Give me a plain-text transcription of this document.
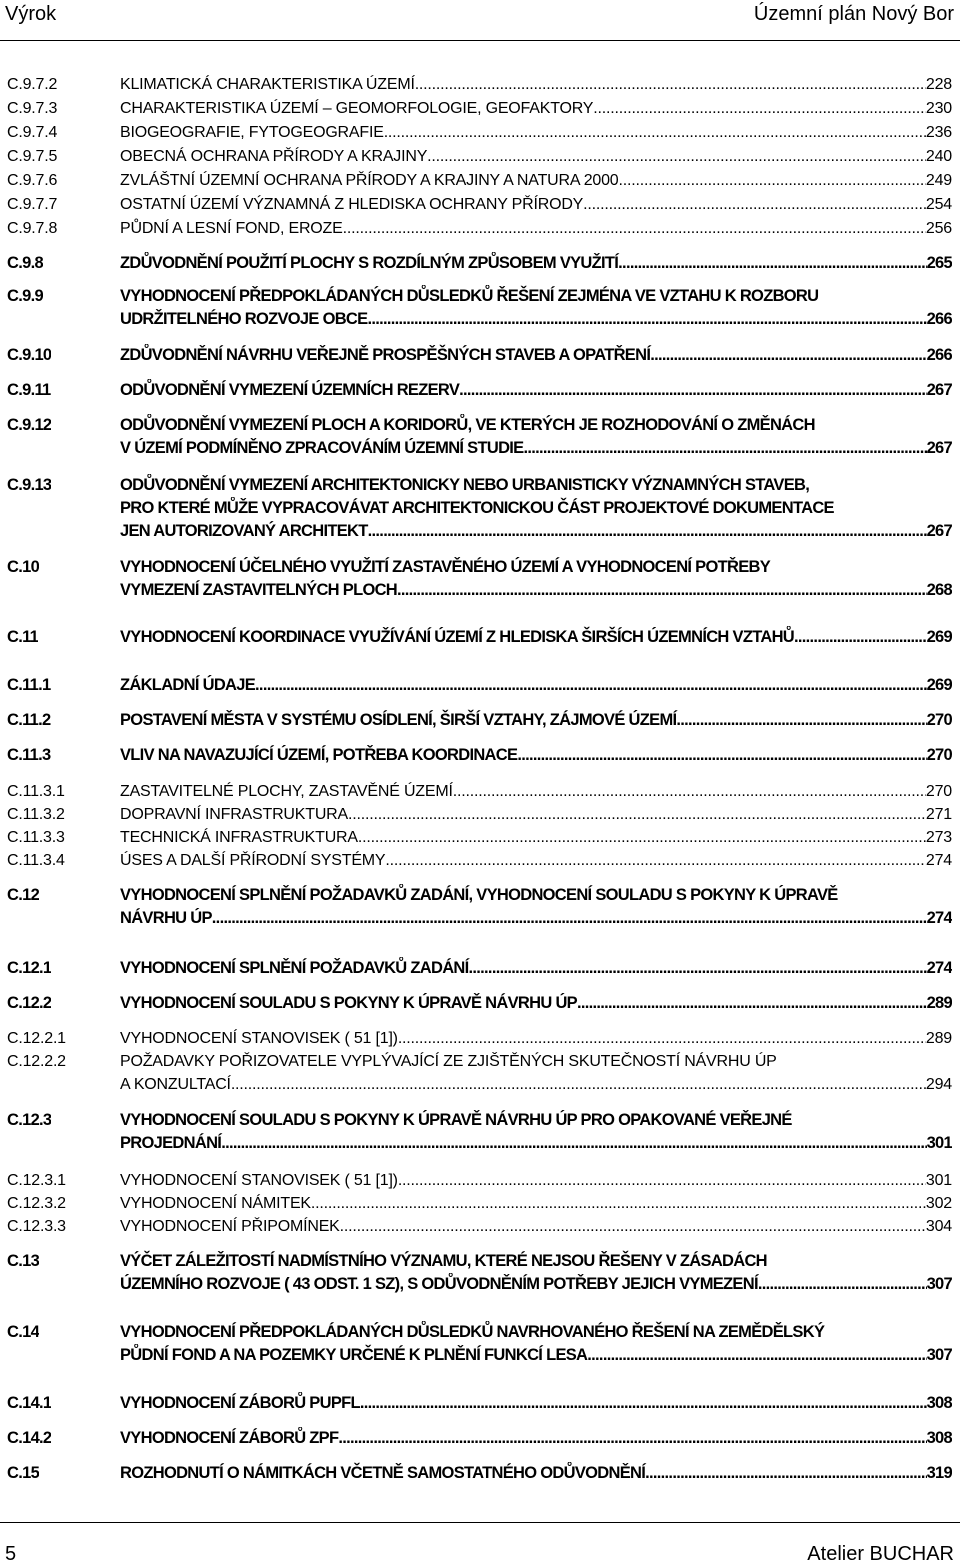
Výrok	Územní plán Nový Bor
C.9.7.2	KLIMATICKÁ CHARAKTERISTIKA ÚZEMÍ .....	228
C.9.7.3	CHARAKTERISTIKA ÚZEMÍ – GEOMORFOLOGIE, GEOFAKTORY .....	230
C.9.7.4	BIOGEOGRAFIE, FYTOGEOGRAFIE .....	236
C.9.7.5	OBECNÁ OCHRANA PŘÍRODY A KRAJINY .....	240
C.9.7.6	ZVLÁŠTNÍ ÚZEMNÍ OCHRANA PŘÍRODY A KRAJINY A NATURA 2000 .....	249
C.9.7.7	OSTATNÍ ÚZEMÍ VÝZNAMNÁ Z HLEDISKA OCHRANY PŘÍRODY .....	254
C.9.7.8	PŮDNÍ A LESNÍ FOND, EROZE .....	256
C.9.8	ZDŮVODNĚNÍ POUŽITÍ PLOCHY S ROZDÍLNÝM ZPŮSOBEM VYUŽITÍ .....	265
C.9.9	VYHODNOCENÍ PŘEDPOKLÁDANÝCH DŮSLEDKŮ ŘEŠENÍ ZEJMÉNA VE VZTAHU K ROZBORU
UDRŽITELNÉHO ROZVOJE OBCE .....	266
C.9.10	ZDŮVODNĚNÍ NÁVRHU VEŘEJNĚ PROSPĚŠNÝCH STAVEB A OPATŘENÍ .....	266
C.9.11	ODŮVODNĚNÍ VYMEZENÍ ÚZEMNÍCH REZERV .....	267
C.9.12	ODŮVODNĚNÍ VYMEZENÍ PLOCH A KORIDORŮ, VE KTERÝCH JE ROZHODOVÁNÍ O ZMĚNÁCH
V ÚZEMÍ PODMÍNĚNO ZPRACOVÁNÍM ÚZEMNÍ STUDIE .....	267
C.9.13	ODŮVODNĚNÍ VYMEZENÍ ARCHITEKTONICKY NEBO URBANISTICKY VÝZNAMNÝCH STAVEB,
PRO KTERÉ MŮŽE VYPRACOVÁVAT ARCHITEKTONICKOU ČÁST PROJEKTOVÉ DOKUMENTACE
JEN AUTORIZOVANÝ ARCHITEKT .....	267
C.10	VYHODNOCENÍ ÚČELNÉHO VYUŽITÍ ZASTAVĚNÉHO ÚZEMÍ A VYHODNOCENÍ POTŘEBY
VYMEZENÍ ZASTAVITELNÝCH PLOCH .....	268
C.11	VYHODNOCENÍ KOORDINACE VYUŽÍVÁNÍ ÚZEMÍ Z HLEDISKA ŠIRŠÍCH ÚZEMNÍCH VZTAHŮ .....	269
C.11.1	ZÁKLADNÍ ÚDAJE .....	269
C.11.2	POSTAVENÍ MĚSTA V SYSTÉMU OSÍDLENÍ, ŠIRŠÍ VZTAHY, ZÁJMOVÉ ÚZEMÍ .....	270
C.11.3	VLIV NA NAVAZUJÍCÍ ÚZEMÍ, POTŘEBA KOORDINACE .....	270
C.11.3.1	ZASTAVITELNÉ PLOCHY, ZASTAVĚNÉ ÚZEMÍ .....	270
C.11.3.2	DOPRAVNÍ INFRASTRUKTURA .....	271
C.11.3.3	TECHNICKÁ INFRASTRUKTURA .....	273
C.11.3.4	ÚSES A DALŠÍ PŘÍRODNÍ SYSTÉMY .....	274
C.12	VYHODNOCENÍ SPLNĚNÍ POŽADAVKŮ ZADÁNÍ, VYHODNOCENÍ SOULADU S POKYNY K ÚPRAVĚ
NÁVRHU ÚP .....	274
C.12.1	VYHODNOCENÍ SPLNĚNÍ POŽADAVKŮ ZADÁNÍ .....	274
C.12.2	VYHODNOCENÍ SOULADU S POKYNY K ÚPRAVĚ NÁVRHU ÚP .....	289
C.12.2.1	VYHODNOCENÍ STANOVISEK ( 51 [1]) .....	289
C.12.2.2	POŽADAVKY POŘIZOVATELE VYPLÝVAJÍCÍ ZE ZJIŠTĚNÝCH SKUTEČNOSTÍ NÁVRHU ÚP
A KONZULTACÍ .....	294
C.12.3	VYHODNOCENÍ SOULADU S POKYNY K ÚPRAVĚ NÁVRHU ÚP PRO OPAKOVANÉ VEŘEJNÉ
PROJEDNÁNÍ .....	301
C.12.3.1	VYHODNOCENÍ STANOVISEK ( 51 [1]) .....	301
C.12.3.2	VYHODNOCENÍ NÁMITEK .....	302
C.12.3.3	VYHODNOCENÍ PŘIPOMÍNEK .....	304
C.13	VÝČET ZÁLEŽITOSTÍ NADMÍSTNÍHO VÝZNAMU, KTERÉ NEJSOU ŘEŠENY V ZÁSADÁCH
ÚZEMNÍHO ROZVOJE ( 43 ODST. 1 SZ), S ODŮVODNĚNÍM POTŘEBY JEJICH VYMEZENÍ .....	307
C.14	VYHODNOCENÍ PŘEDPOKLÁDANÝCH DŮSLEDKŮ NAVRHOVANÉHO ŘEŠENÍ NA ZEMĚDĚLSKÝ
PŮDNÍ FOND A NA POZEMKY URČENÉ K PLNĚNÍ FUNKCÍ LESA .....	307
C.14.1	VYHODNOCENÍ ZÁBORŮ PUPFL .....	308
C.14.2	VYHODNOCENÍ ZÁBORŮ ZPF .....	308
C.15	ROZHODNUTÍ O NÁMITKÁCH VČETNĚ SAMOSTATNÉHO ODŮVODNĚNÍ .....	319
5	Atelier BUCHAR
